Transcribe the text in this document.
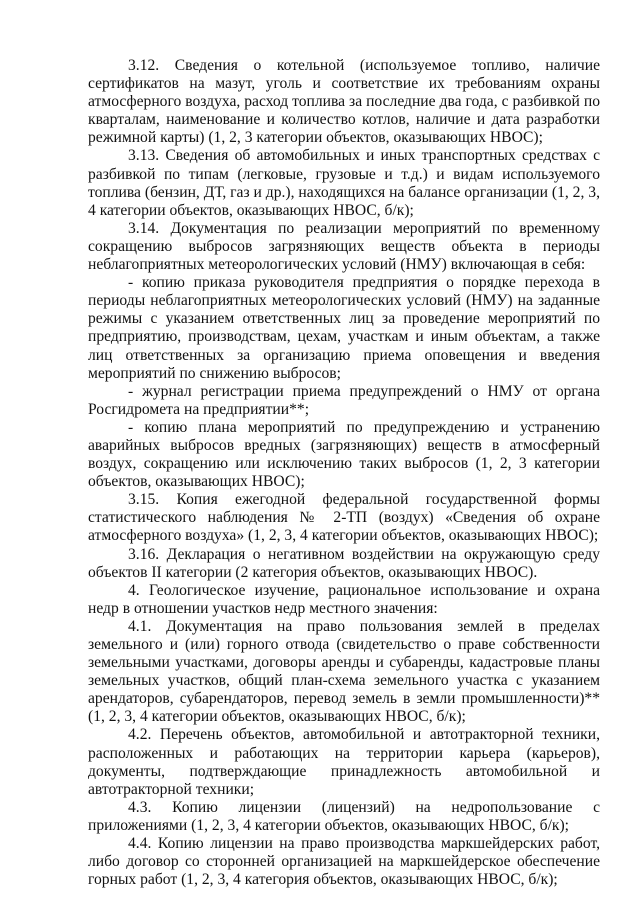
3.12. Сведения о котельной (используемое топливо, наличие сертификатов на мазут, уголь и соответствие их требованиям охраны атмосферного воздуха, расход топлива за последние два года, с разбивкой по кварталам, наименование и количество котлов, наличие и дата разработки режимной карты) (1, 2, 3 категории объектов, оказывающих НВОС);

3.13. Сведения об автомобильных и иных транспортных средствах с разбивкой по типам (легковые, грузовые и т.д.) и видам используемого топлива (бензин, ДТ, газ и др.), находящихся на балансе организации (1, 2, 3, 4 категории объектов, оказывающих НВОС, б/к);

3.14. Документация по реализации мероприятий по временному сокращению выбросов загрязняющих веществ объекта в периоды неблагоприятных метеорологических условий (НМУ) включающая в себя:

- копию приказа руководителя предприятия о порядке перехода в периоды неблагоприятных метеорологических условий (НМУ) на заданные режимы с указанием ответственных лиц за проведение мероприятий по предприятию, производствам, цехам, участкам и иным объектам, а также лиц ответственных за организацию приема оповещения и введения мероприятий по снижению выбросов;

- журнал регистрации приема предупреждений о НМУ от органа Росгидромета на предприятии**;

- копию плана мероприятий по предупреждению и устранению аварийных выбросов вредных (загрязняющих) веществ в атмосферный воздух, сокращению или исключению таких выбросов (1, 2, 3 категории объектов, оказывающих НВОС);

3.15. Копия ежегодной федеральной государственной формы статистического наблюдения № 2-ТП (воздух) «Сведения об охране атмосферного воздуха» (1, 2, 3, 4 категории объектов, оказывающих НВОС);

3.16. Декларация о негативном воздействии на окружающую среду объектов II категории (2 категория объектов, оказывающих НВОС).

4. Геологическое изучение, рациональное использование и охрана недр в отношении участков недр местного значения:

4.1. Документация на право пользования землей в пределах земельного и (или) горного отвода (свидетельство о праве собственности земельными участками, договоры аренды и субаренды, кадастровые планы земельных участков, общий план-схема земельного участка с указанием арендаторов, субарендаторов, перевод земель в земли промышленности)** (1, 2, 3, 4 категории объектов, оказывающих НВОС, б/к);

4.2. Перечень объектов, автомобильной и автотракторной техники, расположенных и работающих на территории карьера (карьеров), документы, подтверждающие принадлежность автомобильной и автотракторной техники;

4.3. Копию лицензии (лицензий) на недропользование с приложениями (1, 2, 3, 4 категории объектов, оказывающих НВОС, б/к);

4.4. Копию лицензии на право производства маркшейдерских работ, либо договор со сторонней организацией на маркшейдерское обеспечение горных работ (1, 2, 3, 4 категория объектов, оказывающих НВОС, б/к);
